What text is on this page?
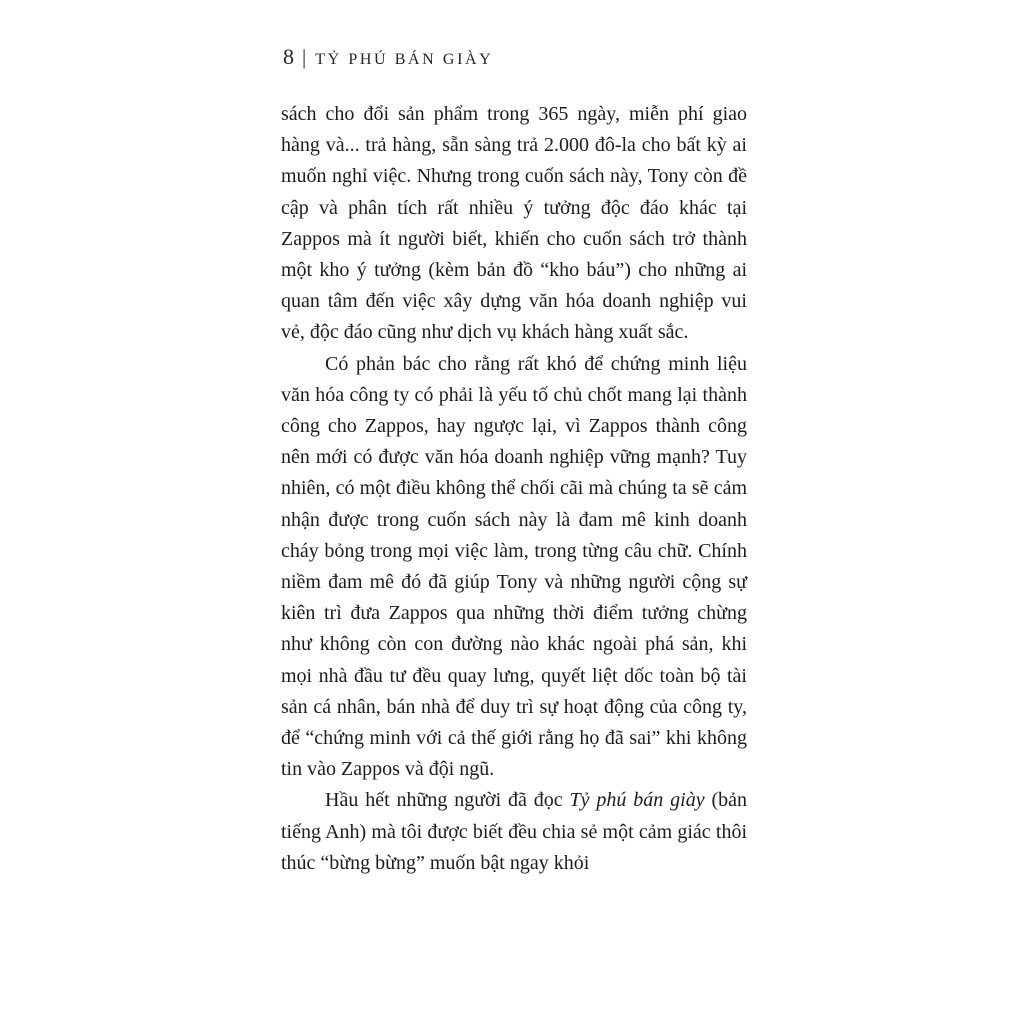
8 | TỶ PHÚ BÁN GIÀY

sách cho đổi sản phẩm trong 365 ngày, miễn phí giao hàng và... trả hàng, sẵn sàng trả 2.000 đô-la cho bất kỳ ai muốn nghỉ việc. Nhưng trong cuốn sách này, Tony còn đề cập và phân tích rất nhiều ý tưởng độc đáo khác tại Zappos mà ít người biết, khiến cho cuốn sách trở thành một kho ý tưởng (kèm bản đồ “kho báu”) cho những ai quan tâm đến việc xây dựng văn hóa doanh nghiệp vui vẻ, độc đáo cũng như dịch vụ khách hàng xuất sắc.

Có phản bác cho rằng rất khó để chứng minh liệu văn hóa công ty có phải là yếu tố chủ chốt mang lại thành công cho Zappos, hay ngược lại, vì Zappos thành công nên mới có được văn hóa doanh nghiệp vững mạnh? Tuy nhiên, có một điều không thể chối cãi mà chúng ta sẽ cảm nhận được trong cuốn sách này là đam mê kinh doanh cháy bỏng trong mọi việc làm, trong từng câu chữ. Chính niềm đam mê đó đã giúp Tony và những người cộng sự kiên trì đưa Zappos qua những thời điểm tưởng chừng như không còn con đường nào khác ngoài phá sản, khi mọi nhà đầu tư đều quay lưng, quyết liệt dốc toàn bộ tài sản cá nhân, bán nhà để duy trì sự hoạt động của công ty, để “chứng minh với cả thế giới rằng họ đã sai” khi không tin vào Zappos và đội ngũ.

Hầu hết những người đã đọc Tỷ phú bán giày (bản tiếng Anh) mà tôi được biết đều chia sẻ một cảm giác thôi thúc “bừng bừng” muốn bật ngay khỏi
